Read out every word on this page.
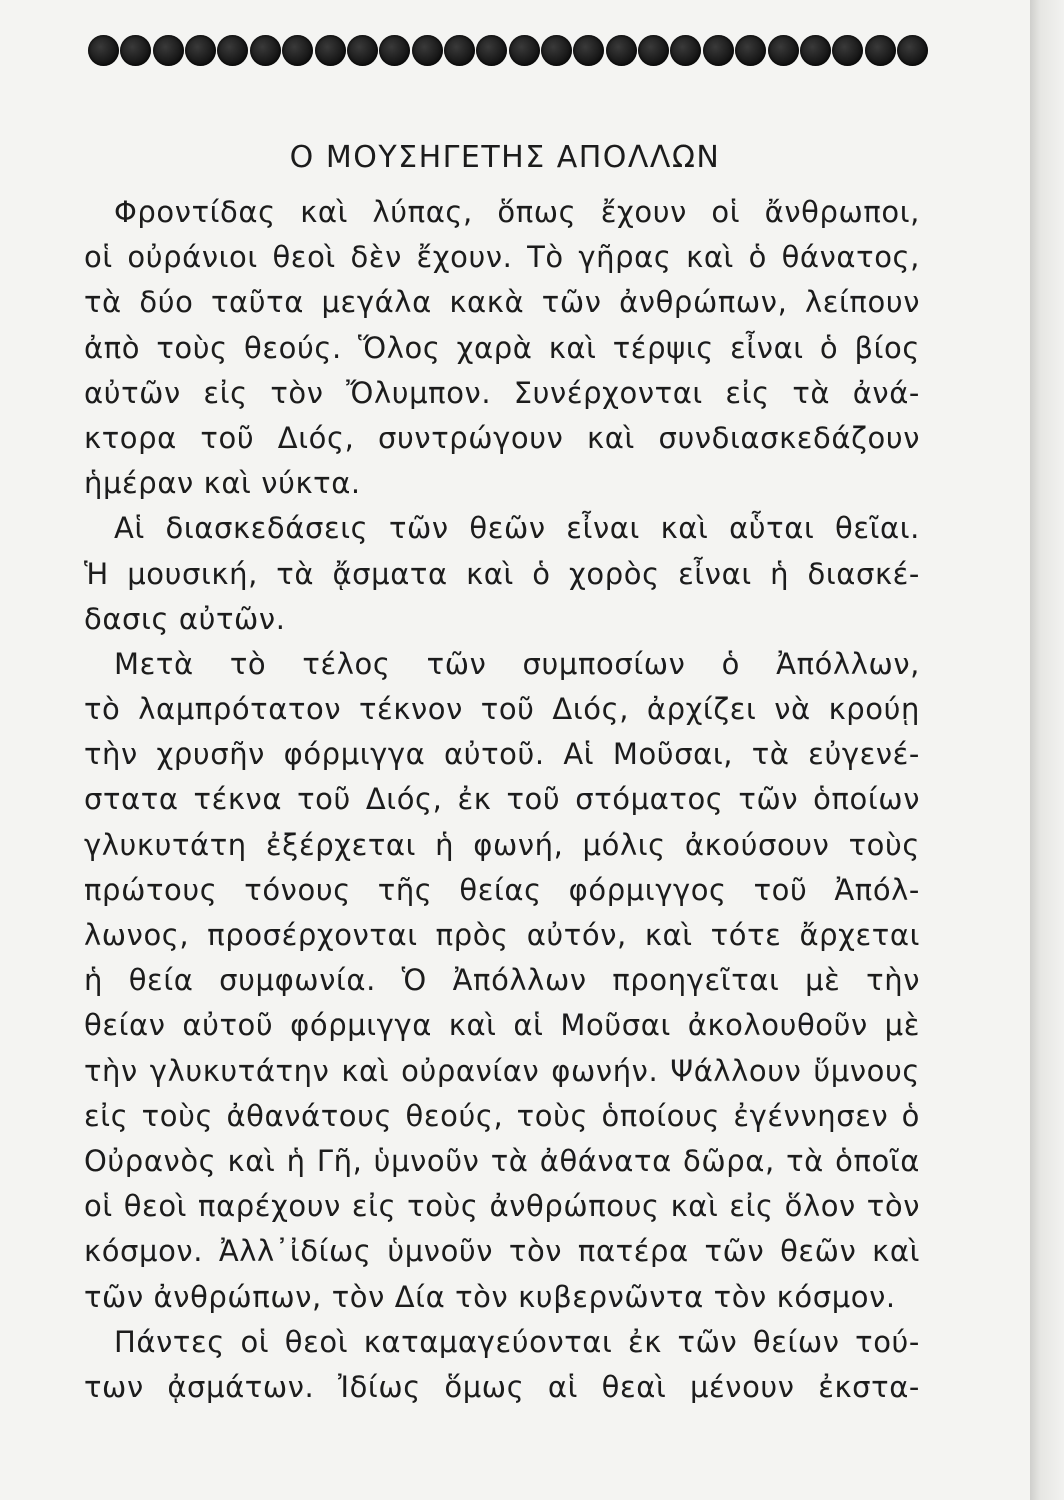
Ο ΜΟΥΣΗΓΕΤΗΣ ΑΠΟΛΛΩΝ
Φροντίδας καὶ λύπας, ὅπως ἔχουν οἱ ἄνθρωποι,
οἱ οὐράνιοι θεοὶ δὲν ἔχουν. Τὸ γῆρας καὶ ὁ θάνατος,
τὰ δύο ταῦτα μεγάλα κακὰ τῶν ἀνθρώπων, λείπουν
ἀπὸ τοὺς θεούς. Ὅλος χαρὰ καὶ τέρψις εἶναι ὁ βίος
αὐτῶν εἰς τὸν Ὄλυμπον. Συνέρχονται εἰς τὰ ἀνά-
κτορα τοῦ Διός, συντρώγουν καὶ συνδιασκεδάζουν
ἡμέραν καὶ νύκτα.
Αἱ διασκεδάσεις τῶν θεῶν εἶναι καὶ αὗται θεῖαι.
Ἡ μουσική, τὰ ᾄσματα καὶ ὁ χορὸς εἶναι ἡ διασκέ-
δασις αὐτῶν.
Μετὰ τὸ τέλος τῶν συμποσίων ὁ Ἀπόλλων,
τὸ λαμπρότατον τέκνον τοῦ Διός, ἀρχίζει νὰ κρούῃ
τὴν χρυσῆν φόρμιγγα αὐτοῦ. Αἱ Μοῦσαι, τὰ εὐγενέ-
στατα τέκνα τοῦ Διός, ἐκ τοῦ στόματος τῶν ὁποίων
γλυκυτάτη ἐξέρχεται ἡ φωνή, μόλις ἀκούσουν τοὺς
πρώτους τόνους τῆς θείας φόρμιγγος τοῦ Ἀπόλ-
λωνος, προσέρχονται πρὸς αὐτόν, καὶ τότε ἄρχεται
ἡ θεία συμφωνία. Ὁ Ἀπόλλων προηγεῖται μὲ τὴν
θείαν αὐτοῦ φόρμιγγα καὶ αἱ Μοῦσαι ἀκολουθοῦν μὲ
τὴν γλυκυτάτην καὶ οὐρανίαν φωνήν. Ψάλλουν ὕμνους
εἰς τοὺς ἀθανάτους θεούς, τοὺς ὁποίους ἐγέννησεν ὁ
Οὐρανὸς καὶ ἡ Γῆ, ὑμνοῦν τὰ ἀθάνατα δῶρα, τὰ ὁποῖα
οἱ θεοὶ παρέχουν εἰς τοὺς ἀνθρώπους καὶ εἰς ὅλον τὸν
κόσμον. Ἀλλ᾽ἰδίως ὑμνοῦν τὸν πατέρα τῶν θεῶν καὶ
τῶν ἀνθρώπων, τὸν Δία τὸν κυβερνῶντα τὸν κόσμον.
Πάντες οἱ θεοὶ καταμαγεύονται ἐκ τῶν θείων τού-
των ᾀσμάτων. Ἰδίως ὅμως αἱ θεαὶ μένουν ἐκστα-
